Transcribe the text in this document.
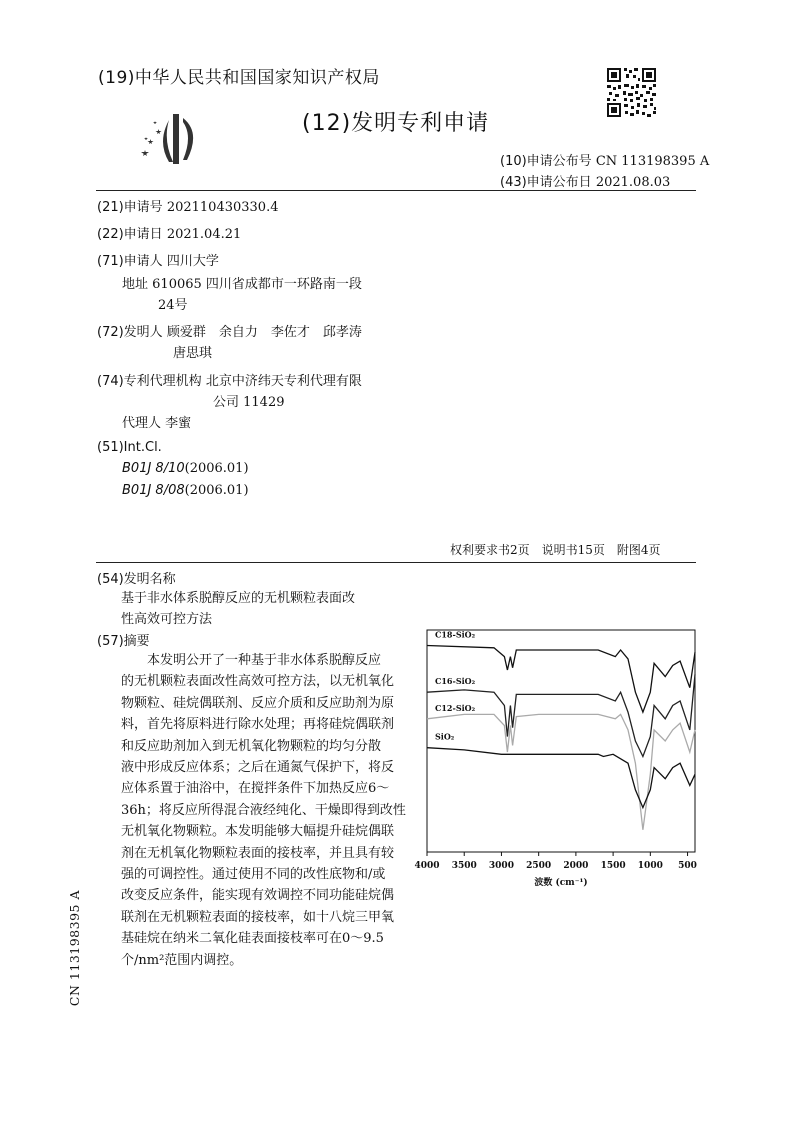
(19)中华人民共和国国家知识产权局
(12)发明专利申请
(10)申请公布号 CN 113198395 A
(43)申请公布日 2021.08.03
(21)申请号 202110430330.4
(22)申请日 2021.04.21
(71)申请人 四川大学
地址 610065 四川省成都市一环路南一段
24号
(72)发明人 顾爱群　余自力　李佐才　邱孝涛
唐思琪
(74)专利代理机构 北京中济纬天专利代理有限
公司 11429
代理人 李蜜
(51)Int.Cl.
B01J 8/10(2006.01)
B01J 8/08(2006.01)
权利要求书2页　说明书15页　附图4页
(54)发明名称
基于非水体系脱醇反应的无机颗粒表面改
性高效可控方法
(57)摘要
本发明公开了一种基于非水体系脱醇反应
的无机颗粒表面改性高效可控方法，以无机氧化
物颗粒、硅烷偶联剂、反应介质和反应助剂为原
料，首先将原料进行除水处理；再将硅烷偶联剂
和反应助剂加入到无机氧化物颗粒的均匀分散
液中形成反应体系；之后在通氮气保护下，将反
应体系置于油浴中，在搅拌条件下加热反应6～
36h；将反应所得混合液经纯化、干燥即得到改性
无机氧化物颗粒。本发明能够大幅提升硅烷偶联
剂在无机氧化物颗粒表面的接枝率，并且具有较
强的可调控性。通过使用不同的改性底物和/或
改变反应条件，能实现有效调控不同功能硅烷偶
联剂在无机颗粒表面的接枝率，如十八烷三甲氧
基硅烷在纳米二氧化硅表面接枝率可在0～9.5
个/nm²范围内调控。
CN 113198395 A
4000 3500 3000 2500 2000 1500 1000 500
波数 (cm⁻¹)
C18-SiO₂
C16-SiO₂
C12-SiO₂
SiO₂
